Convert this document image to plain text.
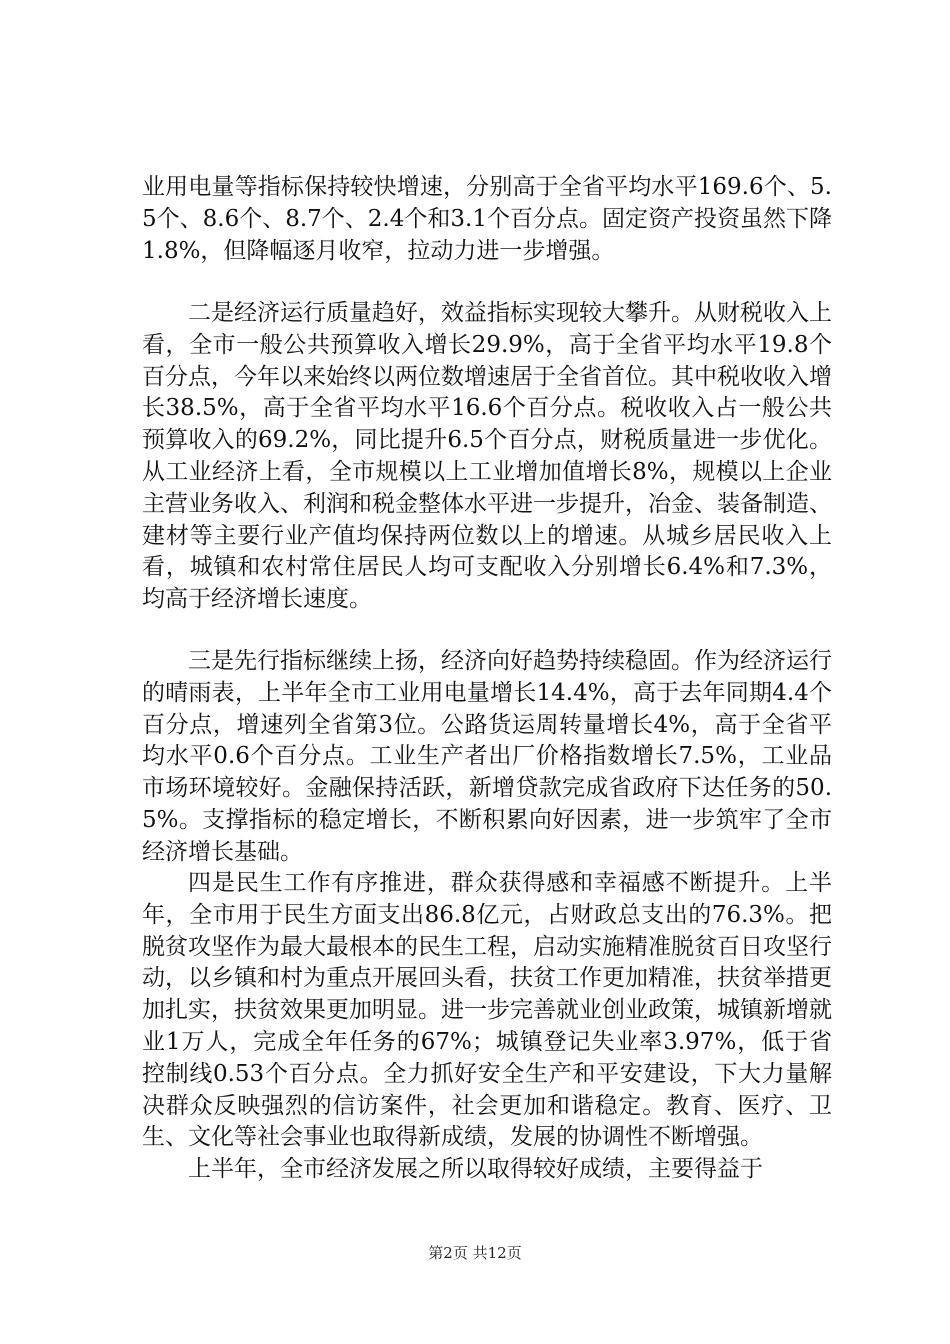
业用电量等指标保持较快增速，分别高于全省平均水平169.6个、5.5个、8.6个、8.7个、2.4个和3.1个百分点。固定资产投资虽然下降1.8%，但降幅逐月收窄，拉动力进一步增强。

二是经济运行质量趋好，效益指标实现较大攀升。从财税收入上看，全市一般公共预算收入增长29.9%，高于全省平均水平19.8个百分点，今年以来始终以两位数增速居于全省首位。其中税收收入增长38.5%，高于全省平均水平16.6个百分点。税收收入占一般公共预算收入的69.2%，同比提升6.5个百分点，财税质量进一步优化。从工业经济上看，全市规模以上工业增加值增长8%，规模以上企业主营业务收入、利润和税金整体水平进一步提升，冶金、装备制造、建材等主要行业产值均保持两位数以上的增速。从城乡居民收入上看，城镇和农村常住居民人均可支配收入分别增长6.4%和7.3%，均高于经济增长速度。

三是先行指标继续上扬，经济向好趋势持续稳固。作为经济运行的晴雨表，上半年全市工业用电量增长14.4%，高于去年同期4.4个百分点，增速列全省第3位。公路货运周转量增长4%，高于全省平均水平0.6个百分点。工业生产者出厂价格指数增长7.5%，工业品市场环境较好。金融保持活跃，新增贷款完成省政府下达任务的50.5%。支撑指标的稳定增长，不断积累向好因素，进一步筑牢了全市经济增长基础。

四是民生工作有序推进，群众获得感和幸福感不断提升。上半年，全市用于民生方面支出86.8亿元，占财政总支出的76.3%。把脱贫攻坚作为最大最根本的民生工程，启动实施精准脱贫百日攻坚行动，以乡镇和村为重点开展回头看，扶贫工作更加精准，扶贫举措更加扎实，扶贫效果更加明显。进一步完善就业创业政策，城镇新增就业1万人，完成全年任务的67%；城镇登记失业率3.97%，低于省控制线0.53个百分点。全力抓好安全生产和平安建设，下大力量解决群众反映强烈的信访案件，社会更加和谐稳定。教育、医疗、卫生、文化等社会事业也取得新成绩，发展的协调性不断增强。

上半年，全市经济发展之所以取得较好成绩，主要得益于

第2页 共12页
